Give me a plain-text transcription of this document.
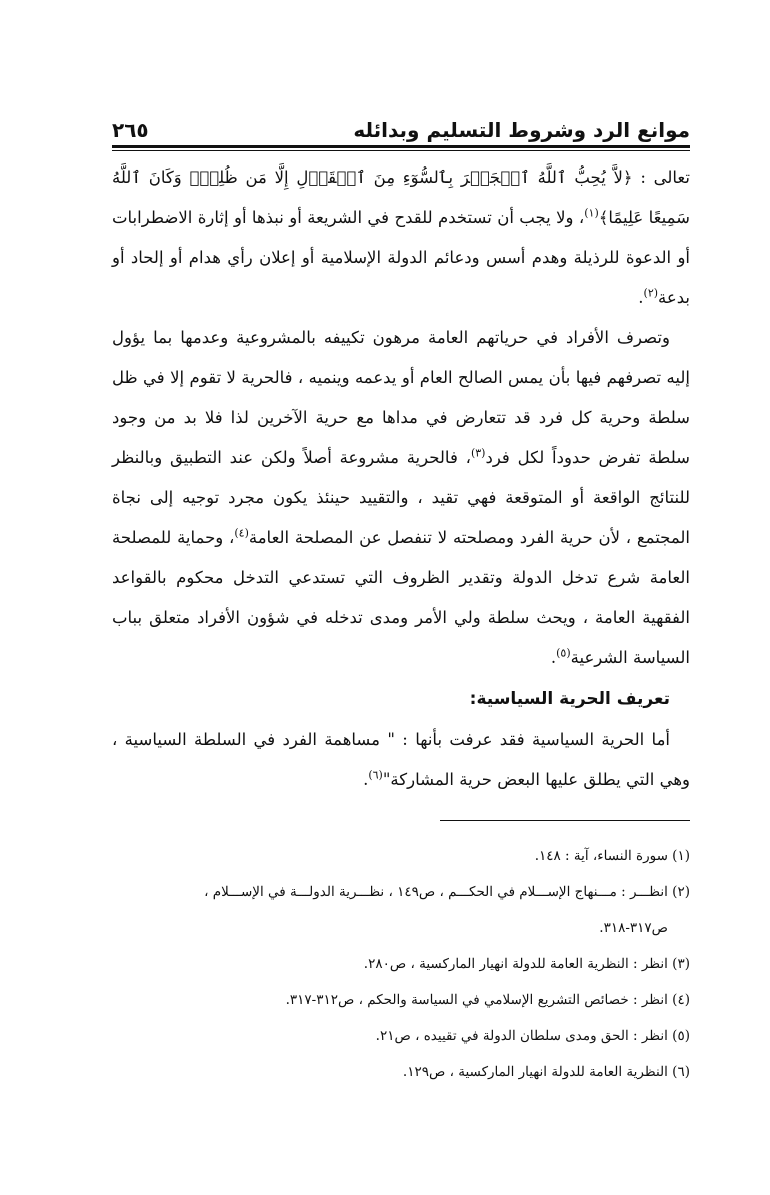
موانع الرد وشروط التسليم وبدائله
٢٦٥

تعالى : ﴿لاَّ يُحِبُّ ٱللَّهُ ٱلۡجَهۡرَ بِٱلسُّوٓءِ مِنَ ٱلۡقَوۡلِ إِلَّا مَن ظُلِمَۚ وَكَانَ ٱللَّهُ سَمِيعًا عَلِيمًا﴾$^{(١)}$، ولا يجب أن تستخدم للقدح في الشريعة أو نبذها أو إثارة الاضطرابات أو الدعوة للرذيلة وهدم أسس ودعائم الدولة الإسلامية أو إعلان رأي هدام أو إلحاد أو بدعة$^{(٢)}$.

وتصرف الأفراد في حرياتهم العامة مرهون تكييفه بالمشروعية وعدمها بما يؤول إليه تصرفهم فيها بأن يمس الصالح العام أو يدعمه وينميه ، فالحرية لا تقوم إلا في ظل سلطة وحرية كل فرد قد تتعارض في مداها مع حرية الآخرين لذا فلا بد من وجود سلطة تفرض حدوداً لكل فرد$^{(٣)}$، فالحرية مشروعة أصلاً ولكن عند التطبيق وبالنظر للنتائج الواقعة أو المتوقعة فهي تقيد ، والتقييد حينئذ يكون مجرد توجيه إلى نجاة المجتمع ، لأن حرية الفرد ومصلحته لا تنفصل عن المصلحة العامة$^{(٤)}$، وحماية للمصلحة العامة شرع تدخل الدولة وتقدير الظروف التي تستدعي التدخل محكوم بالقواعد الفقهية العامة ، ويحث سلطة ولي الأمر ومدى تدخله في شؤون الأفراد متعلق بباب السياسة الشرعية$^{(٥)}$.

تعريف الحرية السياسية:

أما الحرية السياسية فقد عرفت بأنها : " مساهمة الفرد في السلطة السياسية ، وهي التي يطلق عليها البعض حرية المشاركة"$^{(٦)}$.

(١) سورة النساء، آية : ١٤٨.

(٢) انظـــر : مـــنهاج الإســـلام في الحكـــم ، ص١٤٩ ، نظـــرية الدولـــة في الإســـلام ،

ص٣١٧-٣١٨.

(٣) انظر : النظرية العامة للدولة انهيار الماركسية ، ص٢٨٠.

(٤) انظر : خصائص التشريع الإسلامي في السياسة والحكم ، ص٣١٢-٣١٧.

(٥) انظر : الحق ومدى سلطان الدولة في تقييده ، ص٢١.

(٦) النظرية العامة للدولة انهيار الماركسية ، ص١٢٩.
